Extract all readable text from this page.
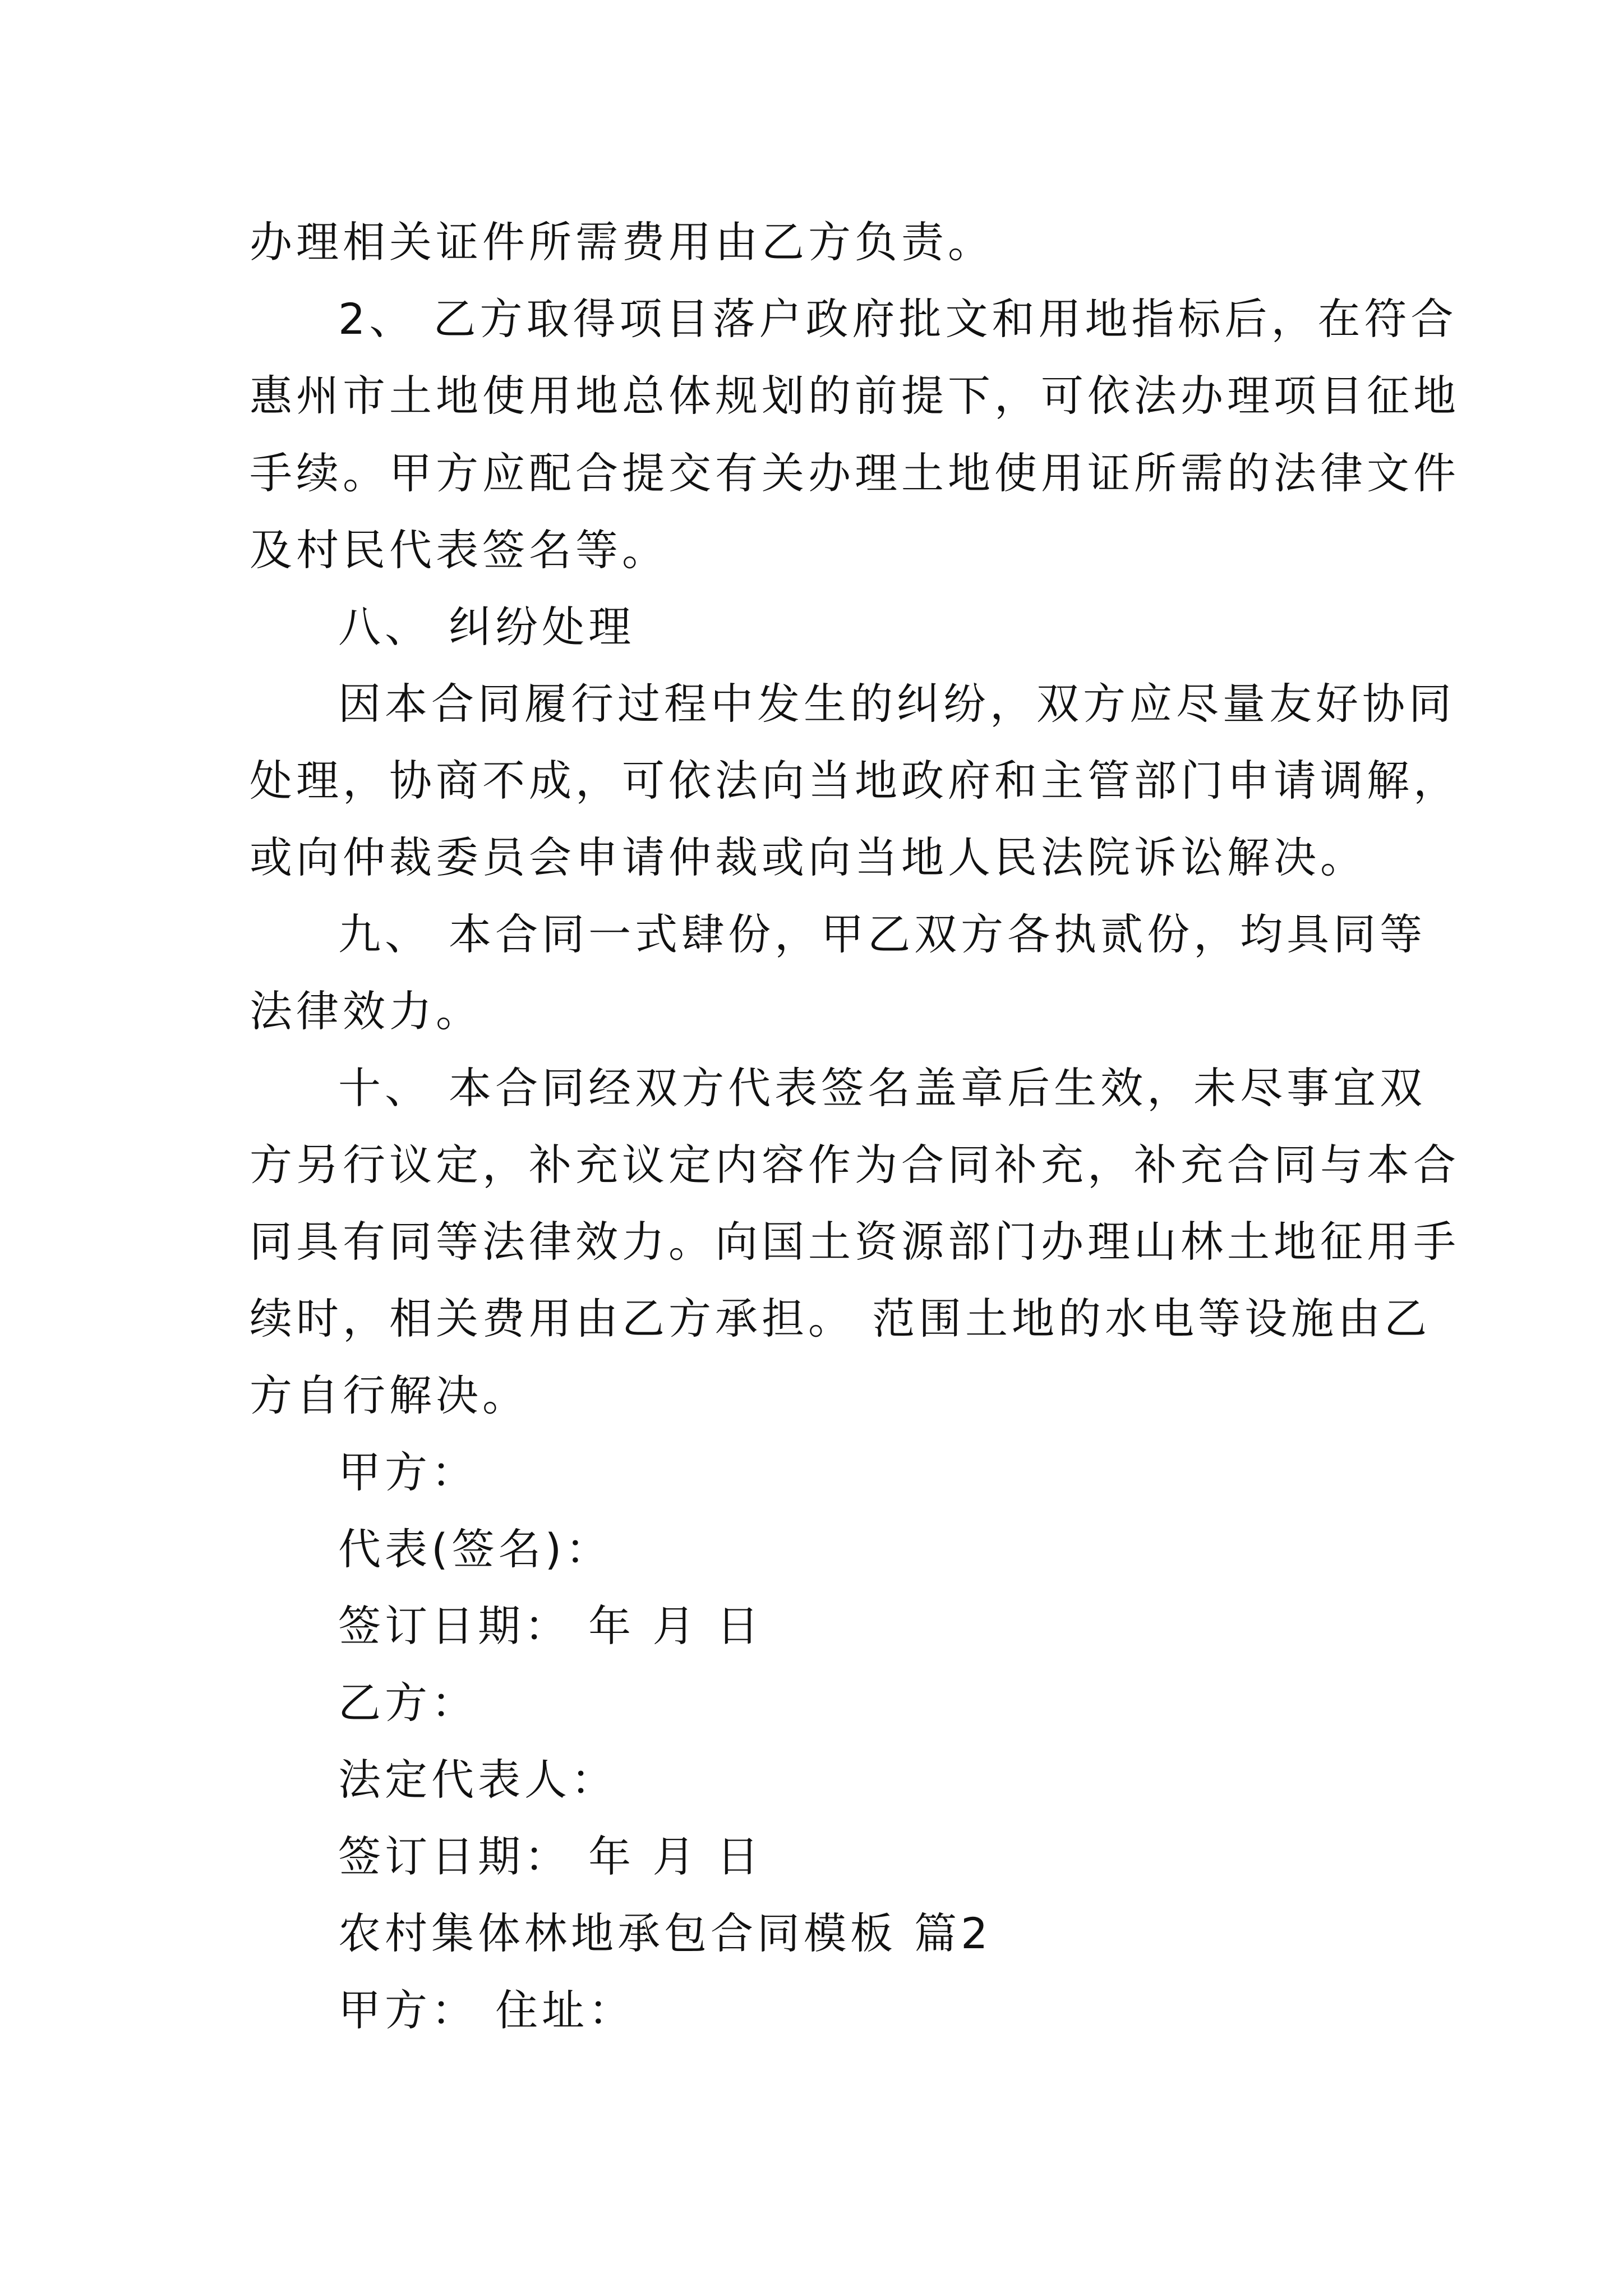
办理相关证件所需费用由乙方负责。
2、 乙方取得项目落户政府批文和用地指标后，在符合
惠州市土地使用地总体规划的前提下，可依法办理项目征地
手续。甲方应配合提交有关办理土地使用证所需的法律文件
及村民代表签名等。
八、 纠纷处理
因本合同履行过程中发生的纠纷，双方应尽量友好协同
处理，协商不成，可依法向当地政府和主管部门申请调解，
或向仲裁委员会申请仲裁或向当地人民法院诉讼解决。
九、 本合同一式肆份，甲乙双方各执贰份，均具同等
法律效力。
十、 本合同经双方代表签名盖章后生效，未尽事宜双
方另行议定，补充议定内容作为合同补充，补充合同与本合
同具有同等法律效力。向国土资源部门办理山林土地征用手
续时，相关费用由乙方承担。 范围土地的水电等设施由乙
方自行解决。
甲方：
代表(签名)：
签订日期： 年 月 日
乙方：
法定代表人：
签订日期： 年 月 日
农村集体林地承包合同模板 篇2
甲方： 住址：
